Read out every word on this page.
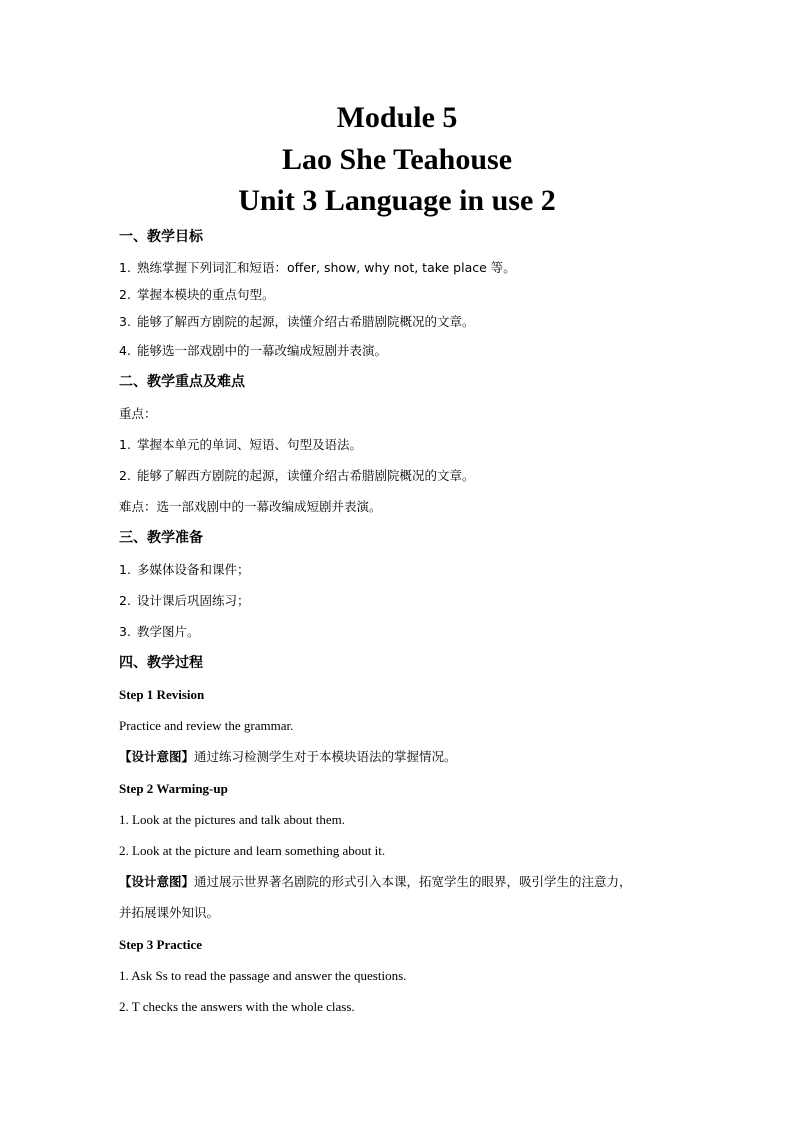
Module 5
Lao She Teahouse
Unit 3 Language in use 2
一、教学目标
1. 熟练掌握下列词汇和短语：offer, show, why not, take place 等。
2. 掌握本模块的重点句型。
3. 能够了解西方剧院的起源，读懂介绍古希腊剧院概况的文章。
4. 能够选一部戏剧中的一幕改编成短剧并表演。
二、教学重点及难点
重点：
1. 掌握本单元的单词、短语、句型及语法。
2. 能够了解西方剧院的起源，读懂介绍古希腊剧院概况的文章。
难点：选一部戏剧中的一幕改编成短剧并表演。
三、教学准备
1. 多媒体设备和课件；
2. 设计课后巩固练习；
3. 教学图片。
四、教学过程
Step 1 Revision
Practice and review the grammar.
【设计意图】通过练习检测学生对于本模块语法的掌握情况。
Step 2 Warming-up
1. Look at the pictures and talk about them.
2. Look at the picture and learn something about it.
【设计意图】通过展示世界著名剧院的形式引入本课，拓宽学生的眼界，吸引学生的注意力，
并拓展课外知识。
Step 3 Practice
1. Ask Ss to read the passage and answer the questions.
2. T checks the answers with the whole class.
